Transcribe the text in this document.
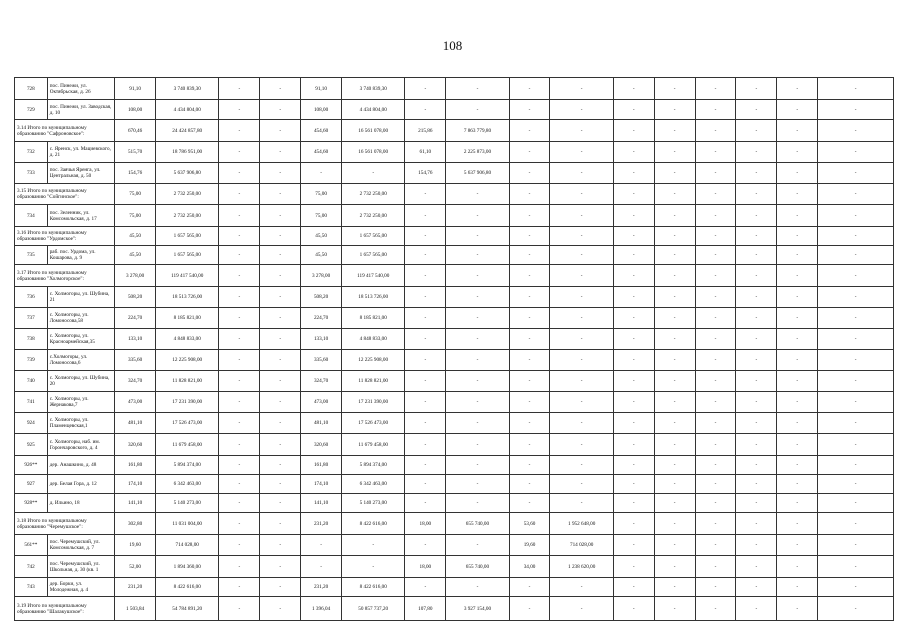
108
728	пос. Пинежи, ул. Октябрьская, д. 26	91,10	3 740 839,30	-	-	91,10	3 740 839,30	-	-	-	-	-	-	-	-	-	-
729	пос. Пинежи, ул. Заводская, д. 10	108,00	4 434 804,00	-	-	108,00	4 434 804,00	-	-	-	-	-	-	-	-	-	-
3.14 Итого по муниципальному образованию "Сафроновское":		670,46	24 424 857,80	-	-	454,60	16 561 078,00	215,86	7 863 779,80	-	-	-	-	-	-	-	-
732	с. Яренск, ул. Мациевского, д. 21	515,70	18 786 951,00	-	-	454,60	16 561 078,00	61,10	2 225 873,00	-	-	-	-	-	-	-	-
733	пос. Заячья Яренга, ул. Центральная, д. 50	154,76	5 637 906,80	-	-	-	-	154,76	5 637 906,80	-	-	-	-	-	-	-	-
3.15 Итого по муниципальному образованию "Сойгинское":		75,00	2 732 250,00	-	-	75,00	2 732 250,00	-	-	-	-	-	-	-	-	-	-
734	пос. Зеленник, ул. Комсомольская, д. 17	75,00	2 732 250,00	-	-	75,00	2 732 250,00	-	-	-	-	-	-	-	-	-	-
3.16 Итого по муниципальному образованию "Урдомское":		45,50	1 657 565,00	-	-	45,50	1 657 565,00	-	-	-	-	-	-	-	-	-	-
735	раб. пос. Урдома, ул. Кошарова, д. 9	45,50	1 657 565,00	-	-	45,50	1 657 565,00	-	-	-	-	-	-	-	-	-	-
3.17 Итого по муниципальному образованию "Холмогорское":		3 278,00	119 417 540,00	-	-	3 278,00	119 417 540,00	-	-	-	-	-	-	-	-	-	-
736	с. Холмогоры, ул. Шубина, 21	508,20	18 513 726,00	-	-	508,20	18 513 726,00	-	-	-	-	-	-	-	-	-	-
737	с. Холмогоры, ул. Ломоносова,58	224,70	8 185 821,00	-	-	224,70	8 185 821,00	-	-	-	-	-	-	-	-	-	-
738	с. Холмогоры, ул. Красноармейская,35	133,10	4 848 833,00	-	-	133,10	4 848 833,00	-	-	-	-	-	-	-	-	-	-
739	с.Холмогоры, ул. Ломоносова,6	335,60	12 225 908,00	-	-	335,60	12 225 908,00	-	-	-	-	-	-	-	-	-	-
740	с. Холмогоры, ул. Шубина, 20	324,70	11 828 821,00	-	-	324,70	11 828 821,00	-	-	-	-	-	-	-	-	-	-
741	с. Холмогоры, ул. Жернакова,7	473,00	17 231 390,00	-	-	473,00	17 231 390,00	-	-	-	-	-	-	-	-	-	-
924	с. Холмогоры, ул. Пламенцевская,1	481,10	17 526 473,00	-	-	481,10	17 526 473,00	-	-	-	-	-	-	-	-	-	-
925	с. Холмогоры, наб. им. Горончаровского, д. 4	320,60	11 679 458,00	-	-	320,60	11 679 458,00	-	-	-	-	-	-	-	-	-	-
926**	дер. Анашкино, д. 48	161,80	5 894 374,00	-	-	161,80	5 894 374,00	-	-	-	-	-	-	-	-	-	-
927	дер. Белая Гора, д. 12	174,10	6 342 463,00	-	-	174,10	6 342 463,00	-	-	-	-	-	-	-	-	-	-
928**	д. Ильино, 18	141,10	5 140 273,00	-	-	141,10	5 140 273,00	-	-	-	-	-	-	-	-	-	-
3.18 Итого по муниципальному образованию "Черемушское":		302,80	11 031 004,00	-	-	231,20	8 422 616,00	18,00	655 740,00	53,60	1 952 648,00	-	-	-	-	-	-
561**	пос. Черемушский, ул. Комсомольская, д. 7	19,60	714 028,00	-	-	-	-	-	-	19,60	714 028,00	-	-	-	-	-	-
742	пос. Черемушский, ул. Школьная, д. 30 (кв. 1	52,00	1 894 360,00	-	-	-	-	18,00	655 740,00	34,00	1 238 620,00	-	-	-	-	-	-
743	дер. Борки, ул. Молодежная, д. 4	231,20	8 422 616,00	-	-	231,20	8 422 616,00	-	-	-	-	-	-	-	-	-	-
3.19 Итого по муниципальному образованию "Шалакушское":		1 503,84	54 784 891,20	-	-	1 396,04	50 857 737,20	107,80	3 927 154,00	-	-	-	-	-	-	-	-
